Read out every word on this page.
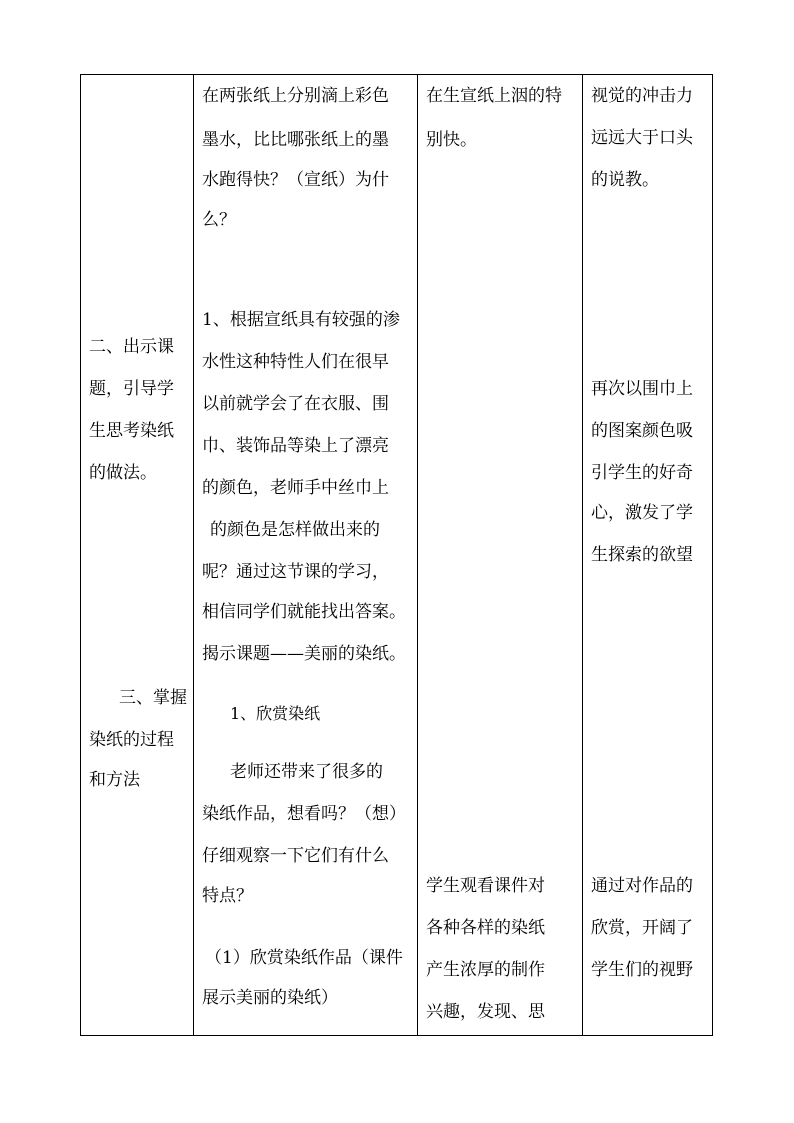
二、出示课
题，引导学
生思考染纸
的做法。
三、掌握
染纸的过程
和方法
在两张纸上分别滴上彩色
墨水，比比哪张纸上的墨
水跑得快？（宣纸）为什
么？
1、根据宣纸具有较强的渗
水性这种特性人们在很早
以前就学会了在衣服、围
巾、装饰品等染上了漂亮
的颜色，老师手中丝巾上
的颜色是怎样做出来的
呢？通过这节课的学习，
相信同学们就能找出答案。
揭示课题——美丽的染纸。
1、欣赏染纸
老师还带来了很多的
染纸作品，想看吗？（想）
仔细观察一下它们有什么
特点？
（1）欣赏染纸作品（课件
展示美丽的染纸）
在生宣纸上洇的特
别快。
学生观看课件对
各种各样的染纸
产生浓厚的制作
兴趣，发现、思
视觉的冲击力
远远大于口头
的说教。
再次以围巾上
的图案颜色吸
引学生的好奇
心，激发了学
生探索的欲望
通过对作品的
欣赏，开阔了
学生们的视野
